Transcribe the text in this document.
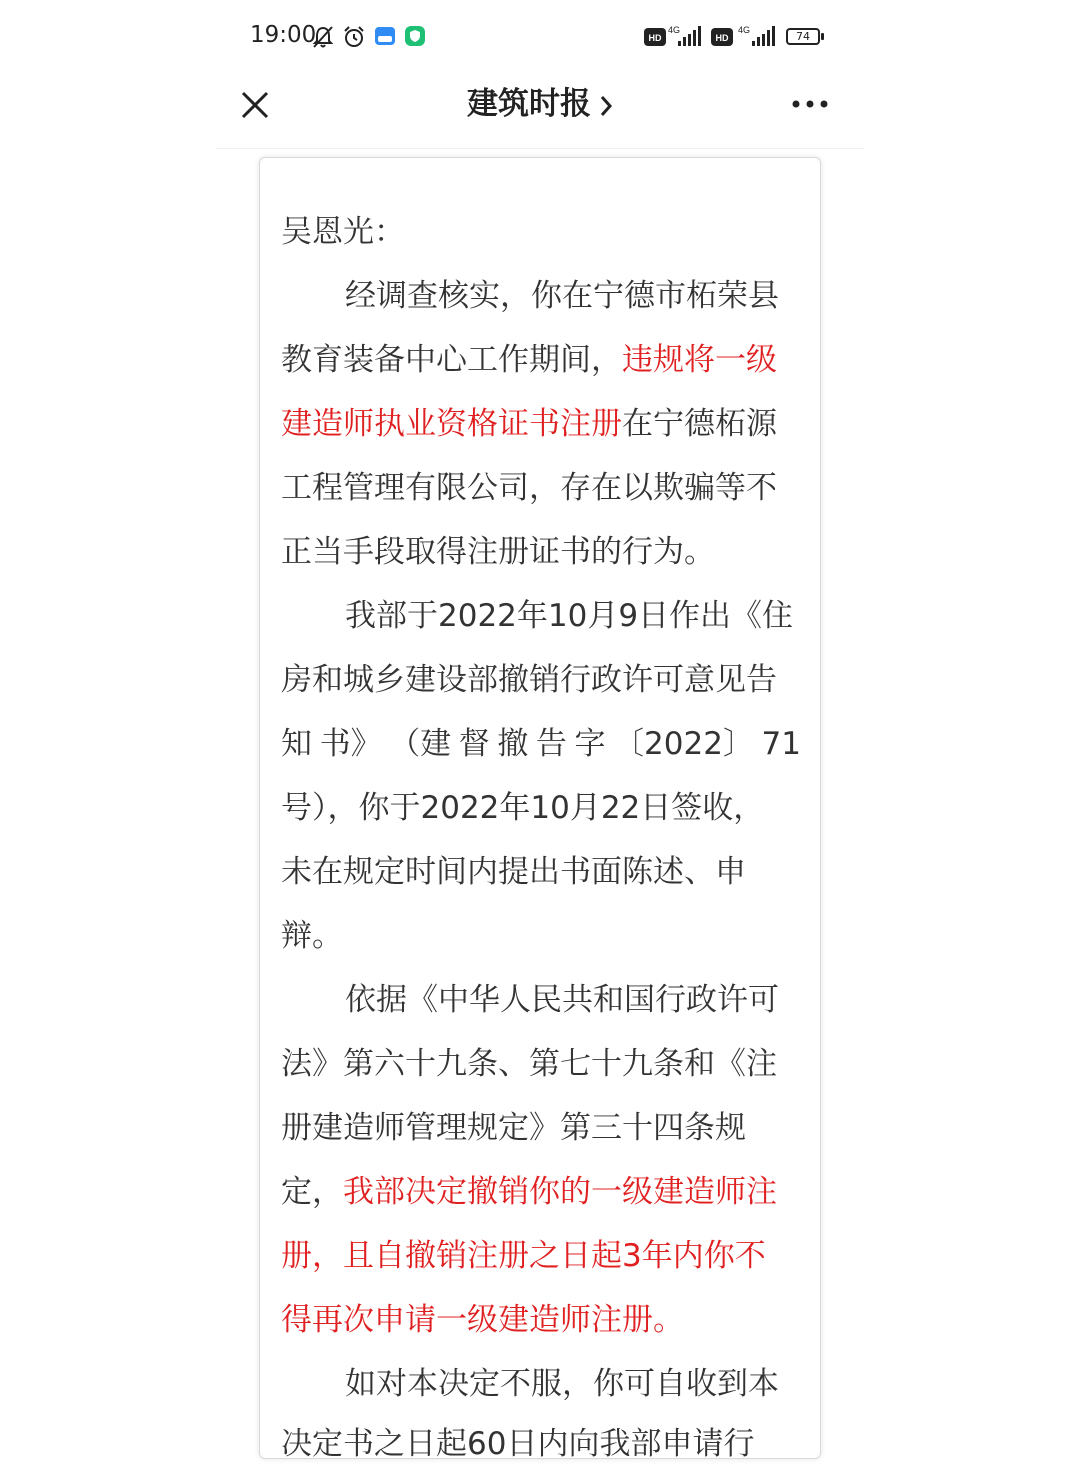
19:00	HD
4G
HD
4G	74
建筑时报
吴恩光：
经调查核实，你在宁德市柘荣县
教育装备中心工作期间，违规将一级
建造师执业资格证书注册在宁德柘源
工程管理有限公司，存在以欺骗等不
正当手段取得注册证书的行为。
我部于2022年10月9日作出《住
房和城乡建设部撤销行政许可意见告
知 书》 （建 督 撤 告 字 〔2022〕 71
号），你于2022年10月22日签收，
未在规定时间内提出书面陈述、申
辩。
依据《中华人民共和国行政许可
法》第六十九条、第七十九条和《注
册建造师管理规定》第三十四条规
定，我部决定撤销你的一级建造师注
册，且自撤销注册之日起3年内你不
得再次申请一级建造师注册。
如对本决定不服，你可自收到本
决定书之日起60日内向我部申请行
